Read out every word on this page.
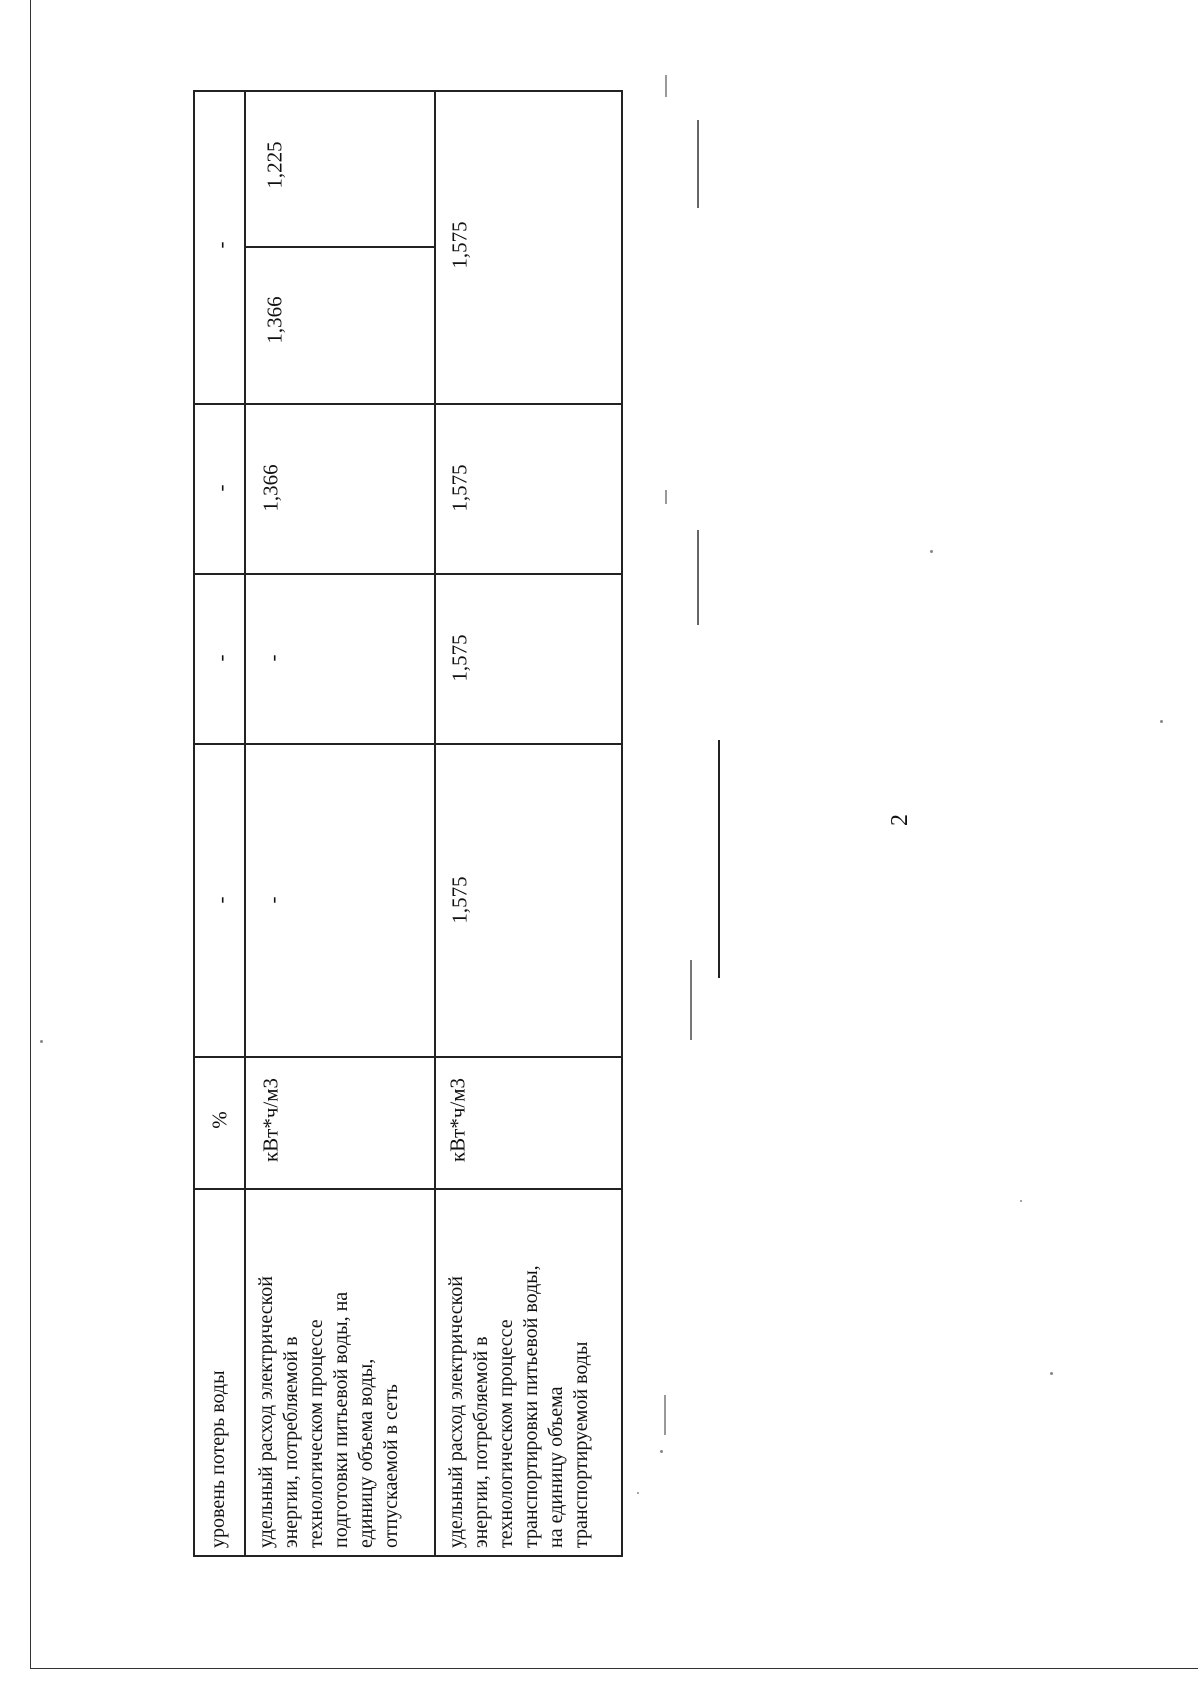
2
уровень потерь воды
%
-
-
-
-
удельный расход электрической энергии, потребляемой в технологическом процессе подготовки питьевой воды, на единицу объема воды, отпускаемой в сеть
кВт*ч/м3
-
-
1,366
1,366
1,225
удельный расход электрической энергии, потребляемой в технологическом процессе транспортировки питьевой воды, на единицу объема транспортируемой воды
кВт*ч/м3
1,575
1,575
1,575
1,575
